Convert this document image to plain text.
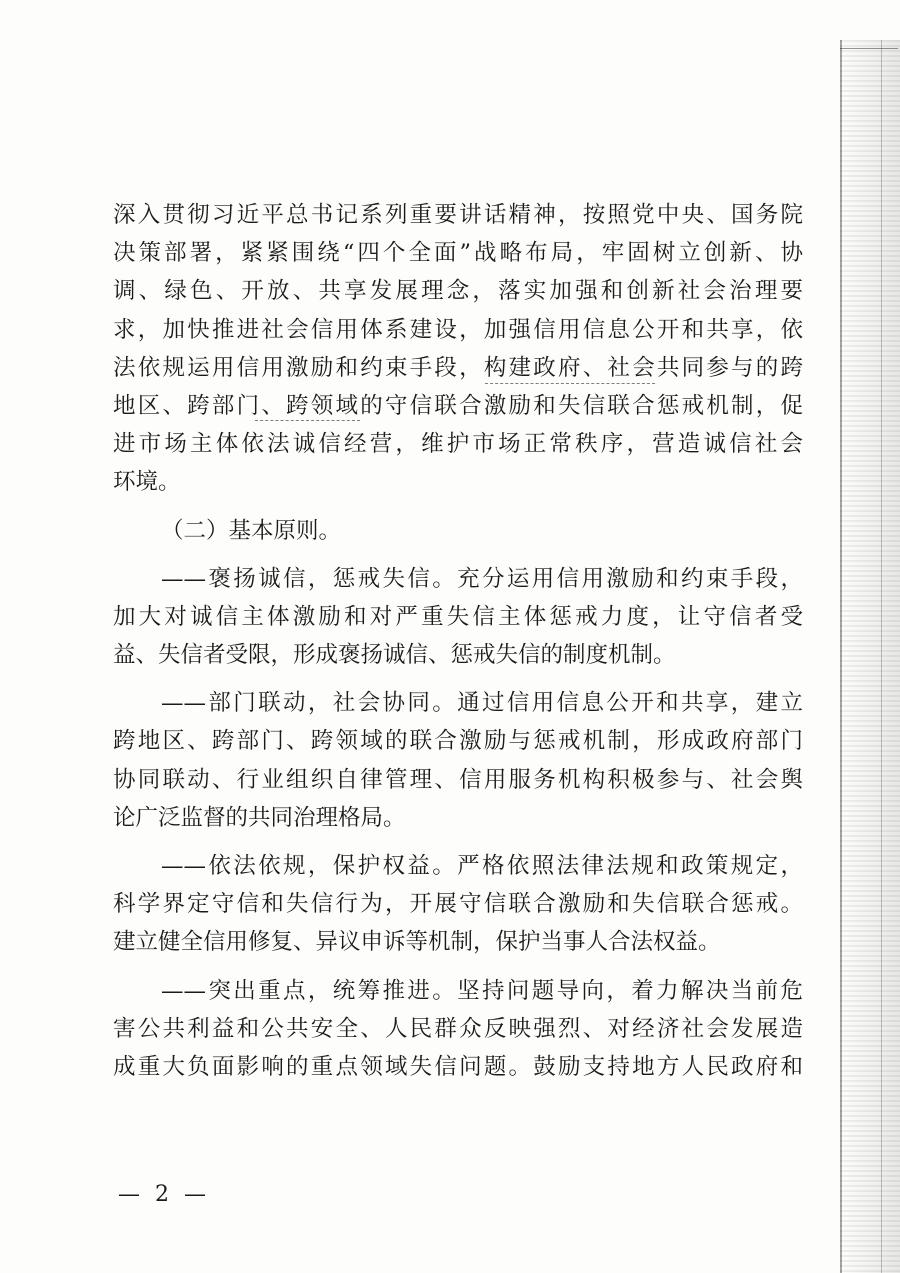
深入贯彻习近平总书记系列重要讲话精神，按照党中央、国务院
决策部署，紧紧围绕“四个全面”战略布局，牢固树立创新、协
调、绿色、开放、共享发展理念，落实加强和创新社会治理要
求，加快推进社会信用体系建设，加强信用信息公开和共享，依
法依规运用信用激励和约束手段，构建政府、社会共同参与的跨
地区、跨部门、跨领域的守信联合激励和失信联合惩戒机制，促
进市场主体依法诚信经营，维护市场正常秩序，营造诚信社会
环境。
（二）基本原则。
——褒扬诚信，惩戒失信。充分运用信用激励和约束手段，
加大对诚信主体激励和对严重失信主体惩戒力度，让守信者受
益、失信者受限，形成褒扬诚信、惩戒失信的制度机制。
——部门联动，社会协同。通过信用信息公开和共享，建立
跨地区、跨部门、跨领域的联合激励与惩戒机制，形成政府部门
协同联动、行业组织自律管理、信用服务机构积极参与、社会舆
论广泛监督的共同治理格局。
——依法依规，保护权益。严格依照法律法规和政策规定，
科学界定守信和失信行为，开展守信联合激励和失信联合惩戒。
建立健全信用修复、异议申诉等机制，保护当事人合法权益。
——突出重点，统筹推进。坚持问题导向，着力解决当前危
害公共利益和公共安全、人民群众反映强烈、对经济社会发展造
成重大负面影响的重点领域失信问题。鼓励支持地方人民政府和
— 2 —
